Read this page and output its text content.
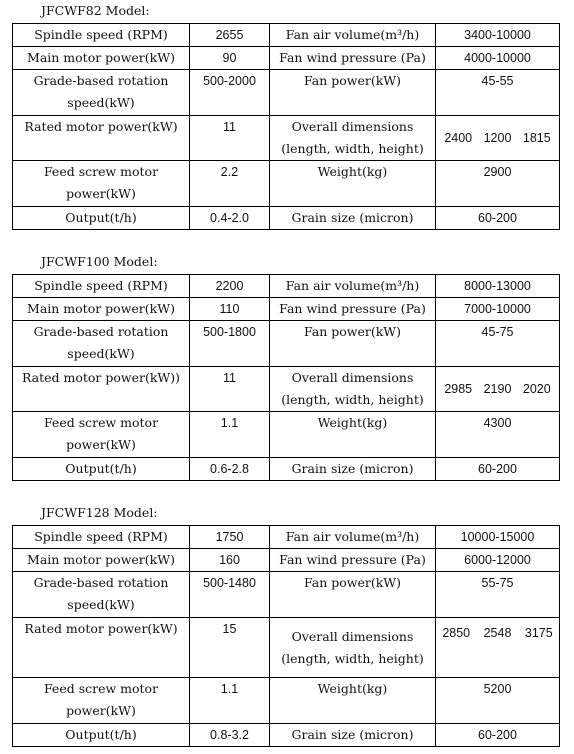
JFCWF82 Model:
Spindle speed (RPM)	2655	Fan air volume(m³/h)	3400-10000
Main motor power(kW)	90	Fan wind pressure (Pa)	4000-10000
Grade-based rotation speed(kW)	500-2000	Fan power(kW)	45-55
Rated motor power(kW)	11	Overall dimensions (length, width, height)	2400 1200 1815
Feed screw motor power(kW)	2.2	Weight(kg)	2900
Output(t/h)	0.4-2.0	Grain size (micron)	60-200
JFCWF100 Model:
Spindle speed (RPM)	2200	Fan air volume(m³/h)	8000-13000
Main motor power(kW)	110	Fan wind pressure (Pa)	7000-10000
Grade-based rotation speed(kW)	500-1800	Fan power(kW)	45-75
Rated motor power(kW))	11	Overall dimensions (length, width, height)	2985 2190 2020
Feed screw motor power(kW)	1.1	Weight(kg)	4300
Output(t/h)	0.6-2.8	Grain size (micron)	60-200
JFCWF128 Model:
Spindle speed (RPM)	1750	Fan air volume(m³/h)	10000-15000
Main motor power(kW)	160	Fan wind pressure (Pa)	6000-12000
Grade-based rotation speed(kW)	500-1480	Fan power(kW)	55-75
Rated motor power(kW)	15	Overall dimensions (length, width, height)	2850 2548 3175
Feed screw motor power(kW)	1.1	Weight(kg)	5200
Output(t/h)	0.8-3.2	Grain size (micron)	60-200
